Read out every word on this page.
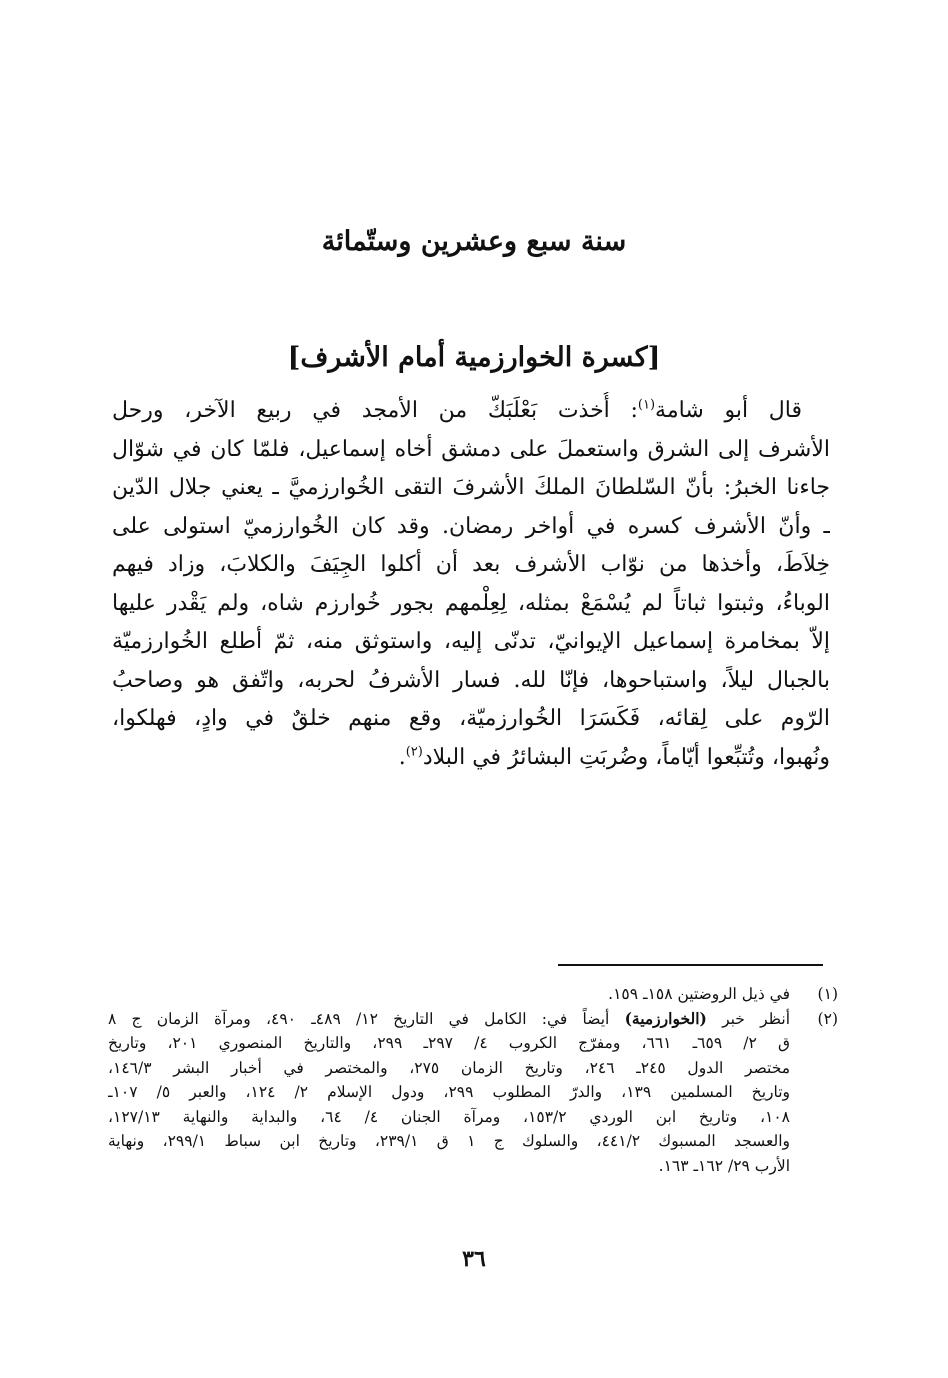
سنة سبع وعشرين وستّمائة
[كسرة الخوارزمية أمام الأشرف]

قال أبو شامة$^{(١)}$: أُخذت بَعْلَبَكّ من الأمجد في ربيع الآخر، ورحل
الأشرف إلى الشرق واستعملَ على دمشق أخاه إسماعيل، فلمّا كان في شوّال
جاءنا الخبرُ: بأنّ السّلطانَ الملكَ الأشرفَ التقى الخُوارزميَّ ـ يعني جلال الدّين
ـ وأنّ الأشرف كسره في أواخر رمضان. وقد كان الخُوارزميّ استولى على
خِلاَطَ، وأخذها من نوّاب الأشرف بعد أن أكلوا الجِيَفَ والكلابَ، وزاد فيهم
الوباءُ، وثبتوا ثباتاً لم يُسْمَعْ بمثله، لِعِلْمهم بجور خُوارزم شاه، ولم يَقْدر عليها
إلاّ بمخامرة إسماعيل الإيوانيّ، تدنّى إليه، واستوثق منه، ثمّ أطلع الخُوارزميّة
بالجبال ليلاً، واستباحوها، فإنّا لله. فسار الأشرفُ لحربه، واتّفق هو وصاحبُ
الرّوم على لِقائه، فَكَسَرَا الخُوارزميّة، وقع منهم خلقٌ في وادٍ، فهلكوا،
ونُهبوا، وتُتبِّعوا أيّاماً، وضُربَتِ البشائرُ في البلاد$^{(٢)}$.

(١)
في ذيل الروضتين ١٥٨ـ ١٥٩.
(٢)
أنظر خبر (الخوارزمية) أيضاً في: الكامل في التاريخ ١٢/ ٤٨٩ـ ٤٩٠، ومرآة الزمان ج ٨
ق ٢/ ٦٥٩ـ ٦٦١، ومفرّج الكروب ٤/ ٢٩٧ـ ٢٩٩، والتاريخ المنصوري ٢٠١، وتاريخ
مختصر الدول ٢٤٥ـ ٢٤٦، وتاريخ الزمان ٢٧٥، والمختصر في أخبار البشر ١٤٦/٣،
وتاريخ المسلمين ١٣٩، والدرّ المطلوب ٢٩٩، ودول الإسلام ٢/ ١٢٤، والعبر ٥/ ١٠٧ـ
١٠٨، وتاريخ ابن الوردي ١٥٣/٢، ومرآة الجنان ٤/ ٦٤، والبداية والنهاية ١٢٧/١٣،
والعسجد المسبوك ٤٤١/٢، والسلوك ج ١ ق ٢٣٩/١، وتاريخ ابن سباط ٢٩٩/١، ونهاية
الأرب ٢٩/ ١٦٢ـ ١٦٣.
٣٦
